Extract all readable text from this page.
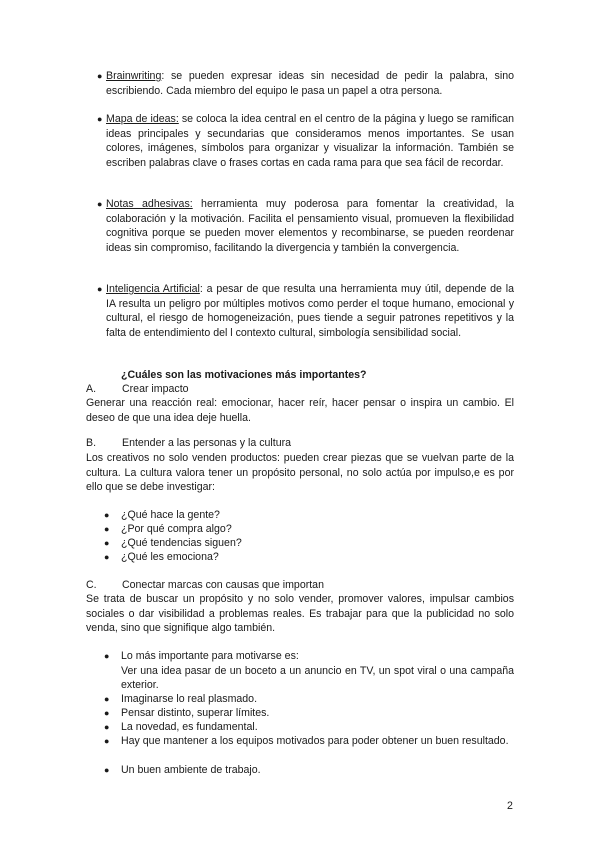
● Brainwriting: se pueden expresar ideas sin necesidad de pedir la palabra, sino escribiendo. Cada miembro del equipo le pasa un papel a otra persona.

● Mapa de ideas: se coloca la idea central en el centro de la página y luego se ramifican ideas principales y secundarias que consideramos menos importantes. Se usan colores, imágenes, símbolos para organizar y visualizar la información. También se escriben palabras clave o frases cortas en cada rama para que sea fácil de recordar.

● Notas adhesivas: herramienta muy poderosa para fomentar la creatividad, la colaboración y la motivación. Facilita el pensamiento visual, promueven la flexibilidad cognitiva porque se pueden mover elementos y recombinarse, se pueden reordenar ideas sin compromiso, facilitando la divergencia y también la convergencia.

● Inteligencia Artificial: a pesar de que resulta una herramienta muy útil, depende de la IA resulta un peligro por múltiples motivos como perder el toque humano, emocional y cultural, el riesgo de homogeneización, pues tiende a seguir patrones repetitivos y la falta de entendimiento del l contexto cultural, simbología sensibilidad social.

¿Cuáles son las motivaciones más importantes?
A. Crear impacto

Generar una reacción real: emocionar, hacer reír, hacer pensar o inspira un cambio. El deseo de que una idea deje huella.

B. Entender a las personas y la cultura

Los creativos no solo venden productos: pueden crear piezas que se vuelvan parte de la cultura. La cultura valora tener un propósito personal, no solo actúa por impulso,e es por ello que se debe investigar:

● ¿Qué hace la gente?

● ¿Por qué compra algo?

● ¿Qué tendencias siguen?

● ¿Qué les emociona?

C. Conectar marcas con causas que importan

Se trata de buscar un propósito y no solo vender, promover valores, impulsar cambios sociales o dar visibilidad a problemas reales. Es trabajar para que la publicidad no solo venda, sino que signifique algo también.

● Lo más importante para motivarse es:

Ver una idea pasar de un boceto a un anuncio en TV, un spot viral o una campaña exterior.

● Imaginarse lo real plasmado.

● Pensar distinto, superar límites.

● La novedad, es fundamental.

● Hay que mantener a los equipos motivados para poder obtener un buen resultado.

● Un buen ambiente de trabajo.

2
